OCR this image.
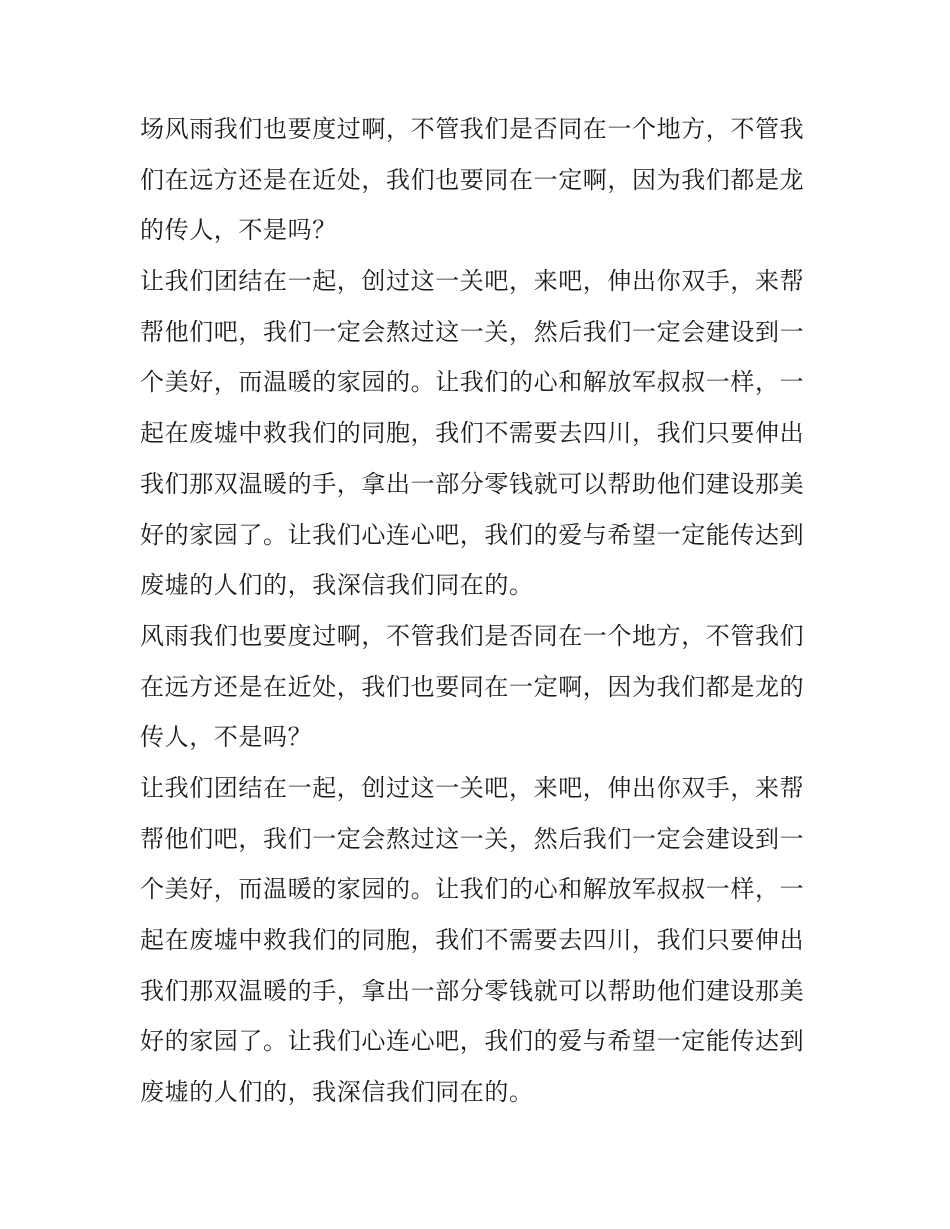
场风雨我们也要度过啊，不管我们是否同在一个地方，不管我
们在远方还是在近处，我们也要同在一定啊，因为我们都是龙
的传人，不是吗？
让我们团结在一起，创过这一关吧，来吧，伸出你双手，来帮
帮他们吧，我们一定会熬过这一关，然后我们一定会建设到一
个美好，而温暖的家园的。让我们的心和解放军叔叔一样，一
起在废墟中救我们的同胞，我们不需要去四川，我们只要伸出
我们那双温暖的手，拿出一部分零钱就可以帮助他们建设那美
好的家园了。让我们心连心吧，我们的爱与希望一定能传达到
废墟的人们的，我深信我们同在的。
风雨我们也要度过啊，不管我们是否同在一个地方，不管我们
在远方还是在近处，我们也要同在一定啊，因为我们都是龙的
传人，不是吗？
让我们团结在一起，创过这一关吧，来吧，伸出你双手，来帮
帮他们吧，我们一定会熬过这一关，然后我们一定会建设到一
个美好，而温暖的家园的。让我们的心和解放军叔叔一样，一
起在废墟中救我们的同胞，我们不需要去四川，我们只要伸出
我们那双温暖的手，拿出一部分零钱就可以帮助他们建设那美
好的家园了。让我们心连心吧，我们的爱与希望一定能传达到
废墟的人们的，我深信我们同在的。
